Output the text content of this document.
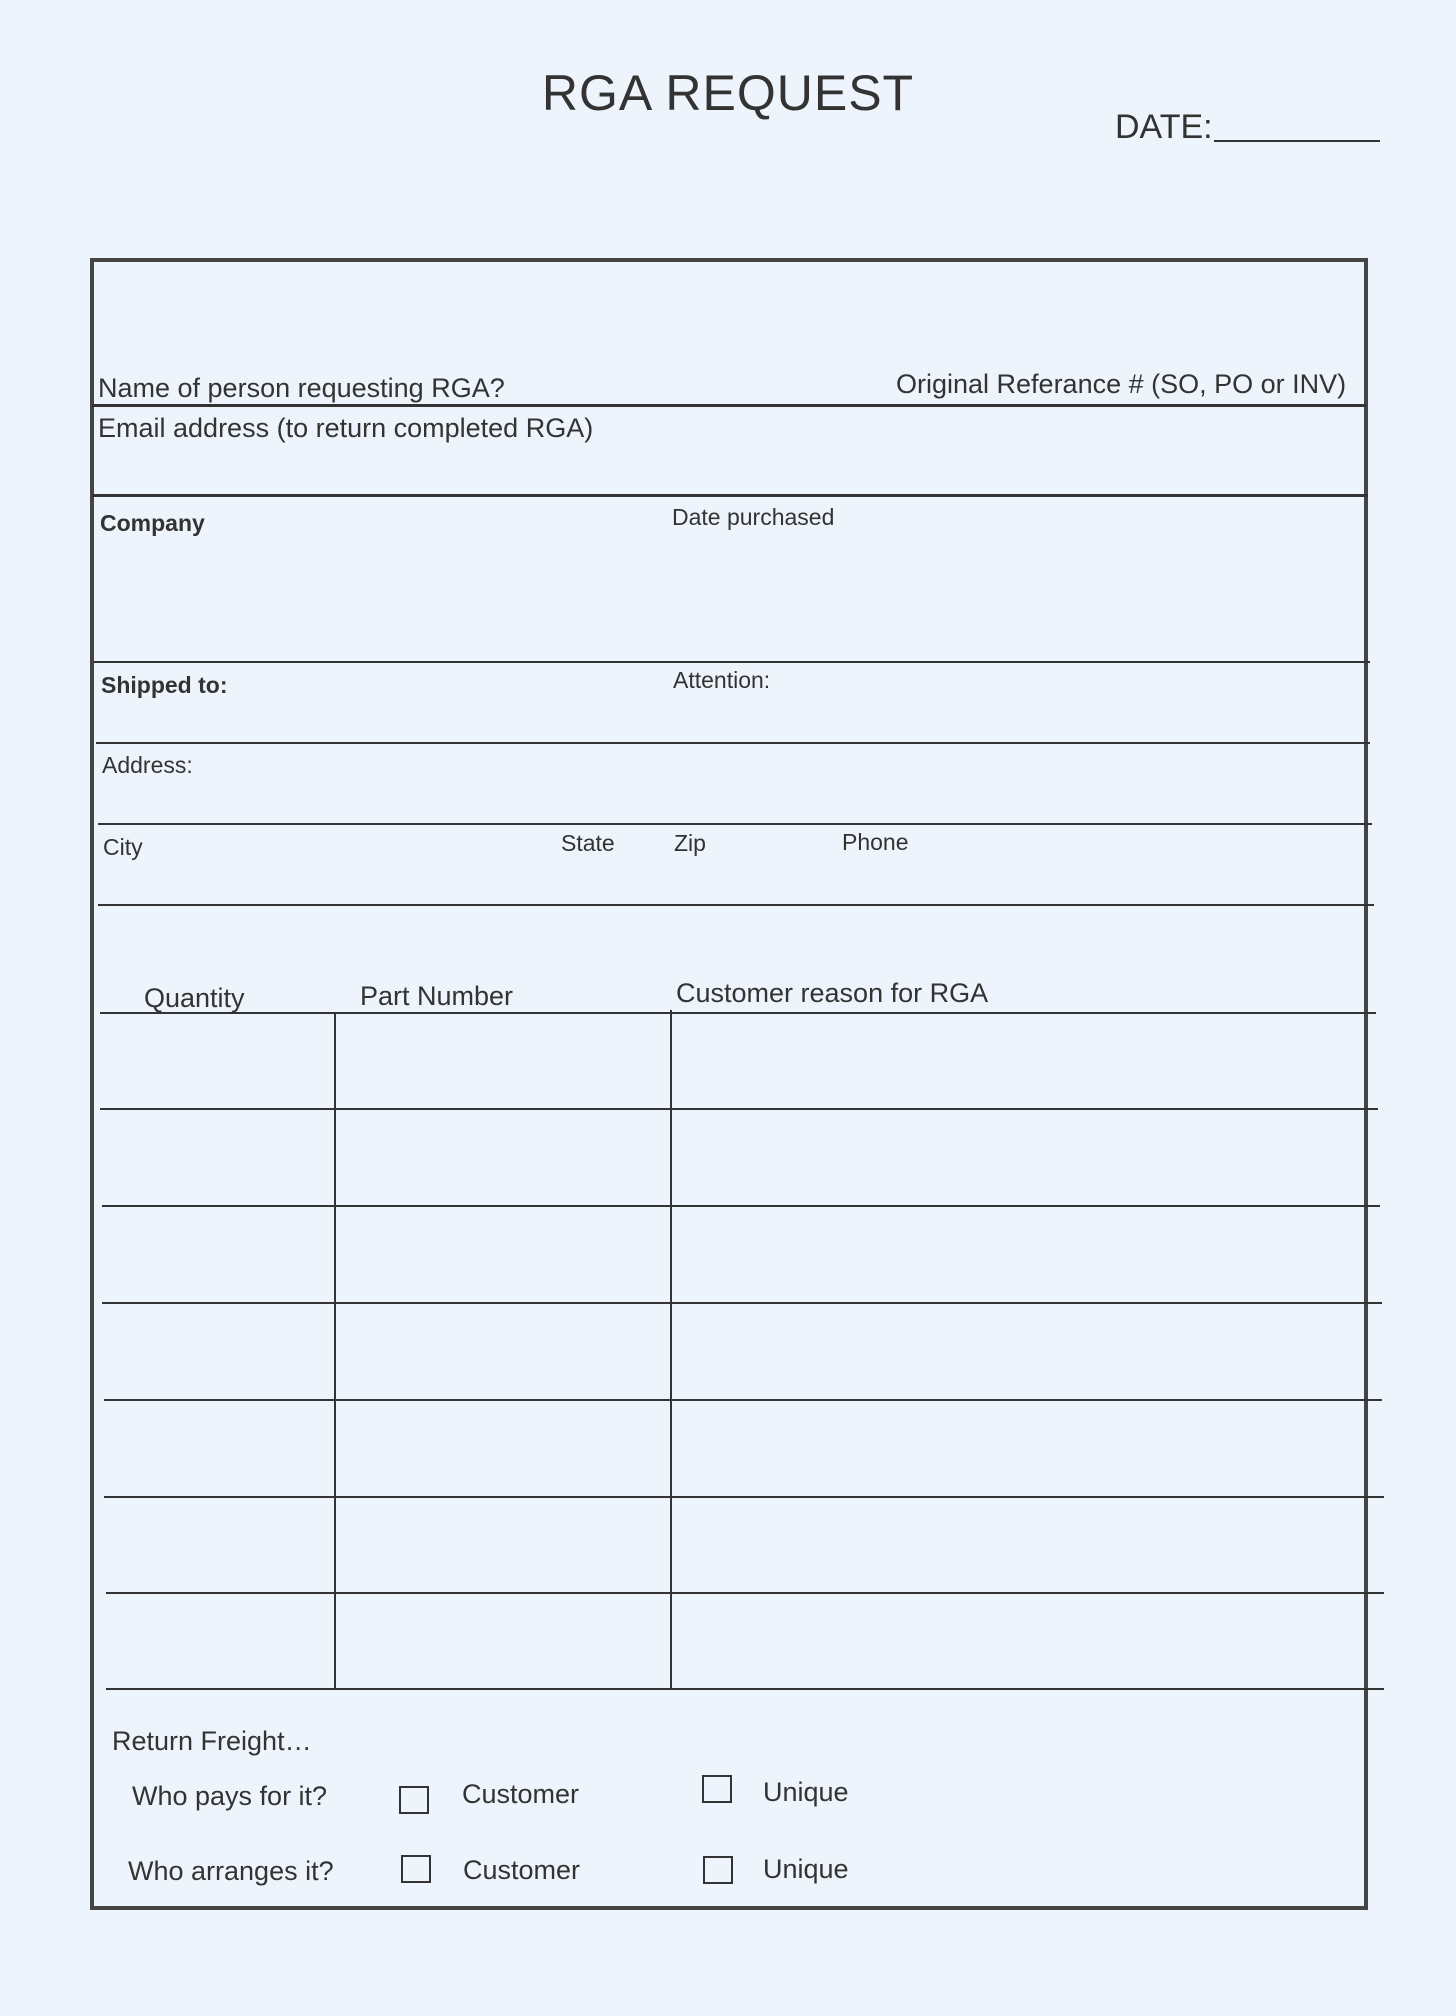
RGA REQUEST
DATE:
Name of person requesting RGA?	Original Referance # (SO, PO or INV)
Email address (to return completed RGA)
Company	Date purchased
Shipped to:	Attention:
Address:
City	State	Zip	Phone
Quantity	Part Number	Customer reason for RGA
Return Freight…
Who pays for it?	Customer	Unique
Who arranges it?	Customer	Unique
